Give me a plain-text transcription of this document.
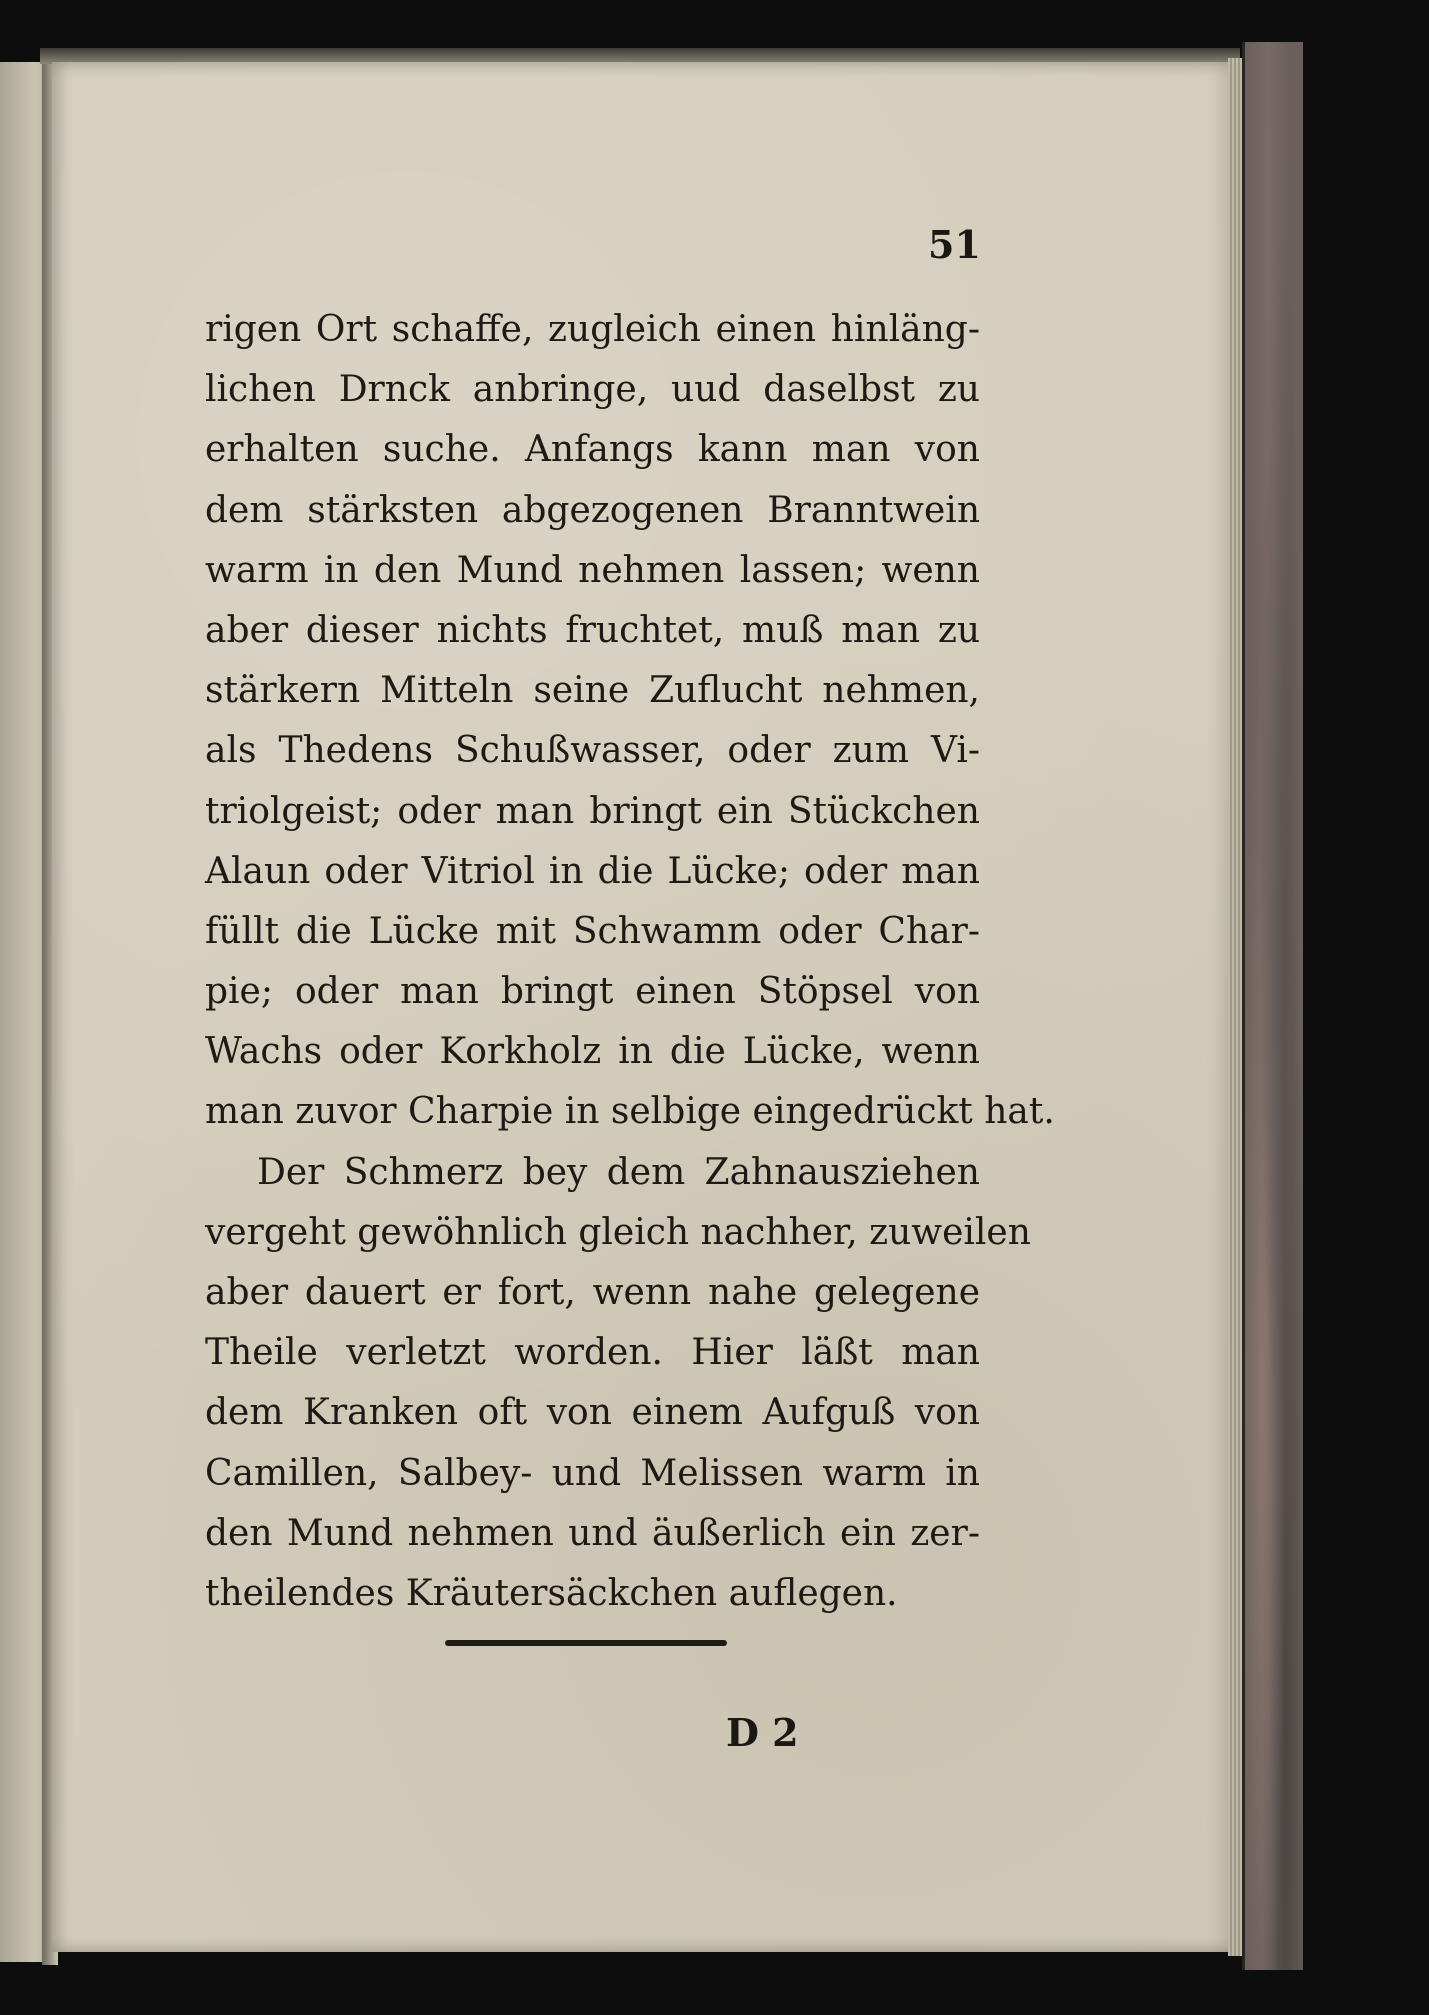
51
rigen Ort schaffe, zugleich einen hinläng-
lichen Drnck anbringe, uud daselbst zu
erhalten suche. Anfangs kann man von
dem stärksten abgezogenen Branntwein
warm in den Mund nehmen lassen; wenn
aber dieser nichts fruchtet, muß man zu
stärkern Mitteln seine Zuflucht nehmen,
als Thedens Schußwasser, oder zum Vi-
triolgeist; oder man bringt ein Stückchen
Alaun oder Vitriol in die Lücke; oder man
füllt die Lücke mit Schwamm oder Char-
pie; oder man bringt einen Stöpsel von
Wachs oder Korkholz in die Lücke, wenn
man zuvor Charpie in selbige eingedrückt hat.
Der Schmerz bey dem Zahnausziehen
vergeht gewöhnlich gleich nachher, zuweilen
aber dauert er fort, wenn nahe gelegene
Theile verletzt worden. Hier läßt man
dem Kranken oft von einem Aufguß von
Camillen, Salbey- und Melissen warm in
den Mund nehmen und äußerlich ein zer-
theilendes Kräutersäckchen auflegen.
D 2
